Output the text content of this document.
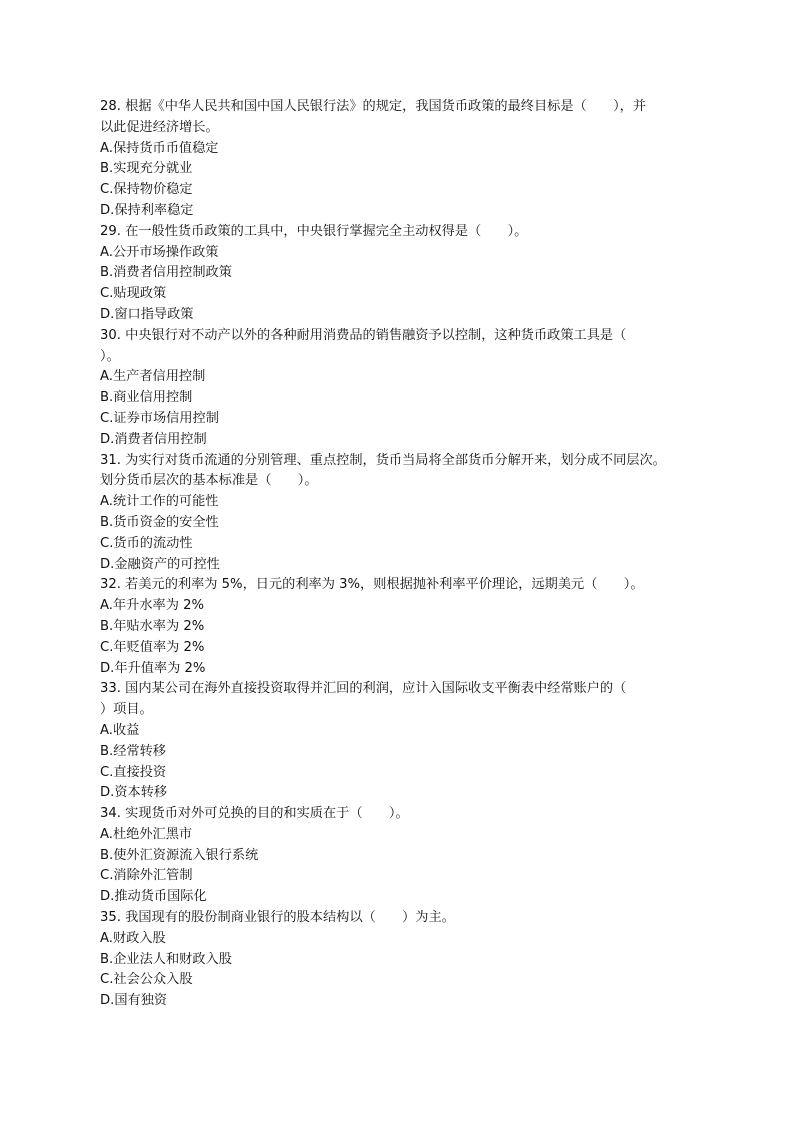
28. 根据《中华人民共和国中国人民银行法》的规定，我国货币政策的最终目标是（　　），并
以此促进经济增长。
A.保持货币币值稳定
B.实现充分就业
C.保持物价稳定
D.保持利率稳定
29. 在一般性货币政策的工具中，中央银行掌握完全主动权得是（　　）。
A.公开市场操作政策
B.消费者信用控制政策
C.贴现政策
D.窗口指导政策
30. 中央银行对不动产以外的各种耐用消费品的销售融资予以控制，这种货币政策工具是（
）。
A.生产者信用控制
B.商业信用控制
C.证券市场信用控制
D.消费者信用控制
31. 为实行对货币流通的分别管理、重点控制，货币当局将全部货币分解开来，划分成不同层次。
划分货币层次的基本标准是（　　）。
A.统计工作的可能性
B.货币资金的安全性
C.货币的流动性
D.金融资产的可控性
32. 若美元的利率为 5%，日元的利率为 3%，则根据抛补利率平价理论，远期美元（　　）。
A.年升水率为 2%
B.年贴水率为 2%
C.年贬值率为 2%
D.年升值率为 2%
33. 国内某公司在海外直接投资取得并汇回的利润，应计入国际收支平衡表中经常账户的（
）项目。
A.收益
B.经常转移
C.直接投资
D.资本转移
34. 实现货币对外可兑换的目的和实质在于（　　）。
A.杜绝外汇黑市
B.使外汇资源流入银行系统
C.消除外汇管制
D.推动货币国际化
35. 我国现有的股份制商业银行的股本结构以（　　）为主。
A.财政入股
B.企业法人和财政入股
C.社会公众入股
D.国有独资
